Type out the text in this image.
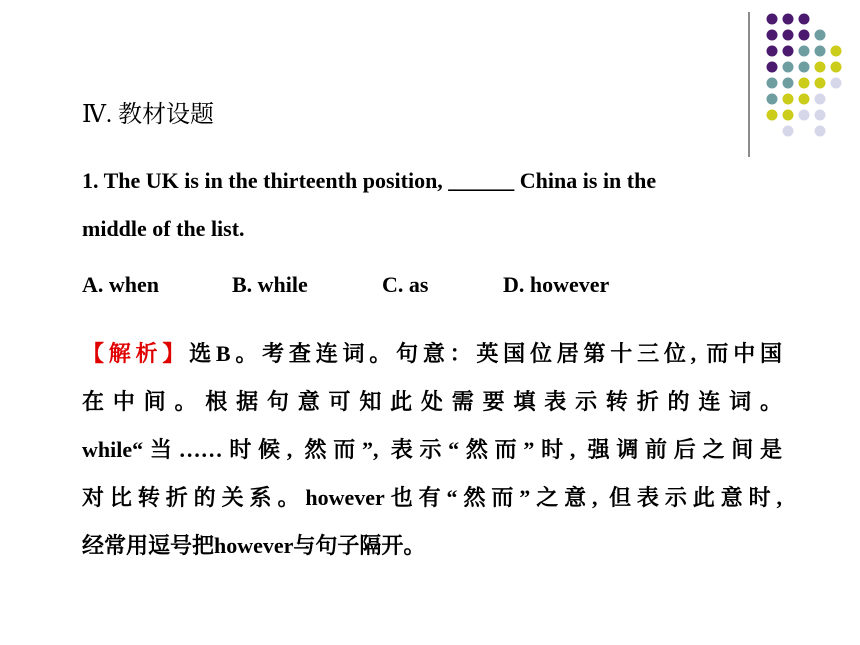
Ⅳ. 教材设题
1. The UK is in the thirteenth position, ______ China is in the
middle of the list.
A. when	B. while	C. as	D. however
【解析】选B。考查连词。句意：英国位居第十三位, 而中国
在中间。根据句意可知此处需要填表示转折的连词。
while“当……时候, 然而”, 表示“然而”时, 强调前后之间是
对比转折的关系。however也有“然而”之意, 但表示此意时,
经常用逗号把however与句子隔开。
